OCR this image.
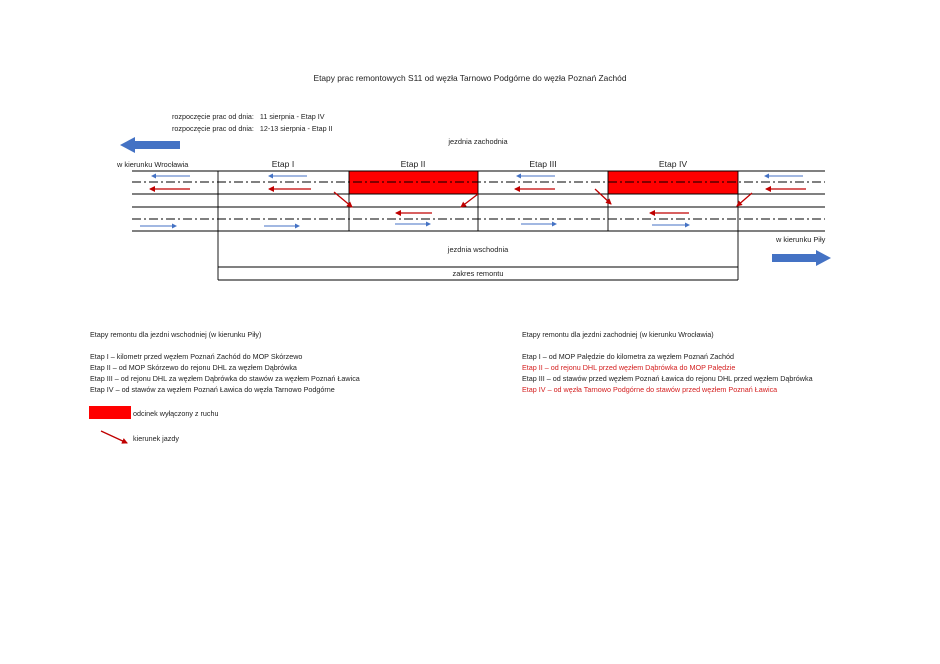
Etapy prac remontowych S11 od węzła Tarnowo Podgórne do węzła Poznań Zachód
rozpoczęcie prac od dnia: 11 sierpnia - Etap IV
rozpoczęcie prac od dnia: 12-13 sierpnia - Etap II
jezdnia zachodnia
w kierunku Wrocławia
w kierunku Piły
Etap I	Etap II	Etap III	Etap IV
jezdnia wschodnia
zakres remontu
Etapy remontu dla jezdni wschodniej (w kierunku Piły)
Etap I – kilometr przed węzłem Poznań Zachód do MOP Skórzewo
Etap II – od MOP Skórzewo do rejonu DHL za węzłem Dąbrówka
Etap III – od rejonu DHL za węzłem Dąbrówka do stawów za węzłem Poznań Ławica
Etap IV – od stawów za węzłem Poznań Ławica do węzła Tarnowo Podgórne
Etapy remontu dla jezdni zachodniej (w kierunku Wrocławia)
Etap I – od MOP Palędzie do kilometra za węzłem Poznań Zachód
Etap II – od rejonu DHL przed węzłem Dąbrówka do MOP Palędzie
Etap III – od stawów przed węzłem Poznań Ławica do rejonu DHL przed węzłem Dąbrówka
Etap IV – od węzła Tarnowo Podgórne do stawów przed węzłem Poznań Ławica
odcinek wyłączony z ruchu
kierunek jazdy
